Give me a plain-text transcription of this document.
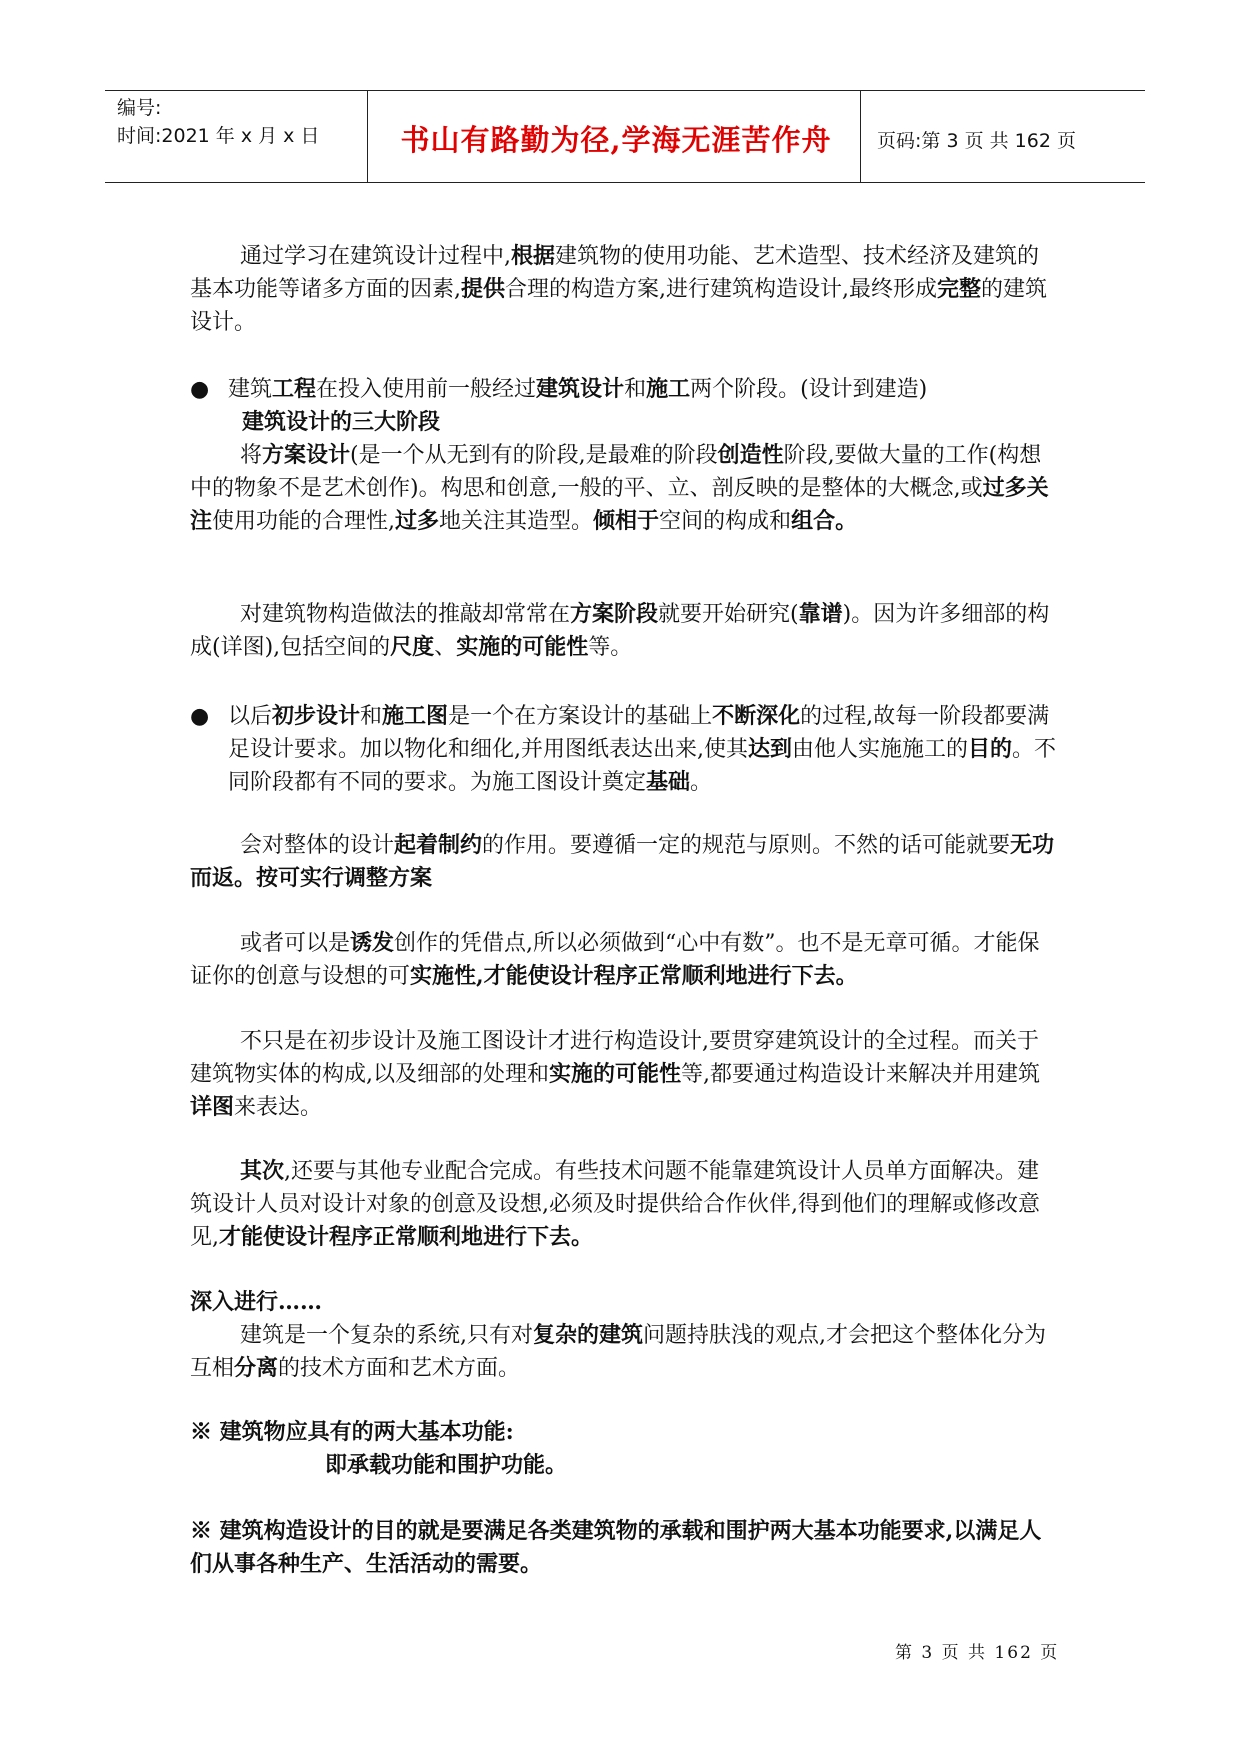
编号:
时间:2021 年 x 月 x 日	书山有路勤为径,学海无涯苦作舟	页码:第 3 页 共 162 页

通过学习在建筑设计过程中,根据建筑物的使用功能、艺术造型、技术经济及建筑的基本功能等诸多方面的因素,提供合理的构造方案,进行建筑构造设计,最终形成完整的建筑设计。

● 建筑工程在投入使用前一般经过建筑设计和施工两个阶段。(设计到建造)

建筑设计的三大阶段

将方案设计(是一个从无到有的阶段,是最难的阶段创造性阶段,要做大量的工作(构想中的物象不是艺术创作)。构思和创意,一般的平、立、剖反映的是整体的大概念,或过多关注使用功能的合理性,过多地关注其造型。倾相于空间的构成和组合。

对建筑物构造做法的推敲却常常在方案阶段就要开始研究(靠谱)。因为许多细部的构成(详图),包括空间的尺度、实施的可能性等。

● 以后初步设计和施工图是一个在方案设计的基础上不断深化的过程,故每一阶段都要满足设计要求。加以物化和细化,并用图纸表达出来,使其达到由他人实施施工的目的。不同阶段都有不同的要求。为施工图设计奠定基础。

会对整体的设计起着制约的作用。要遵循一定的规范与原则。不然的话可能就要无功而返。按可实行调整方案

或者可以是诱发创作的凭借点,所以必须做到“心中有数”。也不是无章可循。才能保证你的创意与设想的可实施性,才能使设计程序正常顺利地进行下去。

不只是在初步设计及施工图设计才进行构造设计,要贯穿建筑设计的全过程。而关于建筑物实体的构成,以及细部的处理和实施的可能性等,都要通过构造设计来解决并用建筑详图来表达。

其次,还要与其他专业配合完成。有些技术问题不能靠建筑设计人员单方面解决。建筑设计人员对设计对象的创意及设想,必须及时提供给合作伙伴,得到他们的理解或修改意见,才能使设计程序正常顺利地进行下去。

深入进行……

建筑是一个复杂的系统,只有对复杂的建筑问题持肤浅的观点,才会把这个整体化分为互相分离的技术方面和艺术方面。

※ 建筑物应具有的两大基本功能:

即承载功能和围护功能。

※ 建筑构造设计的目的就是要满足各类建筑物的承载和围护两大基本功能要求,以满足人们从事各种生产、生活活动的需要。

第 3 页 共 162 页
